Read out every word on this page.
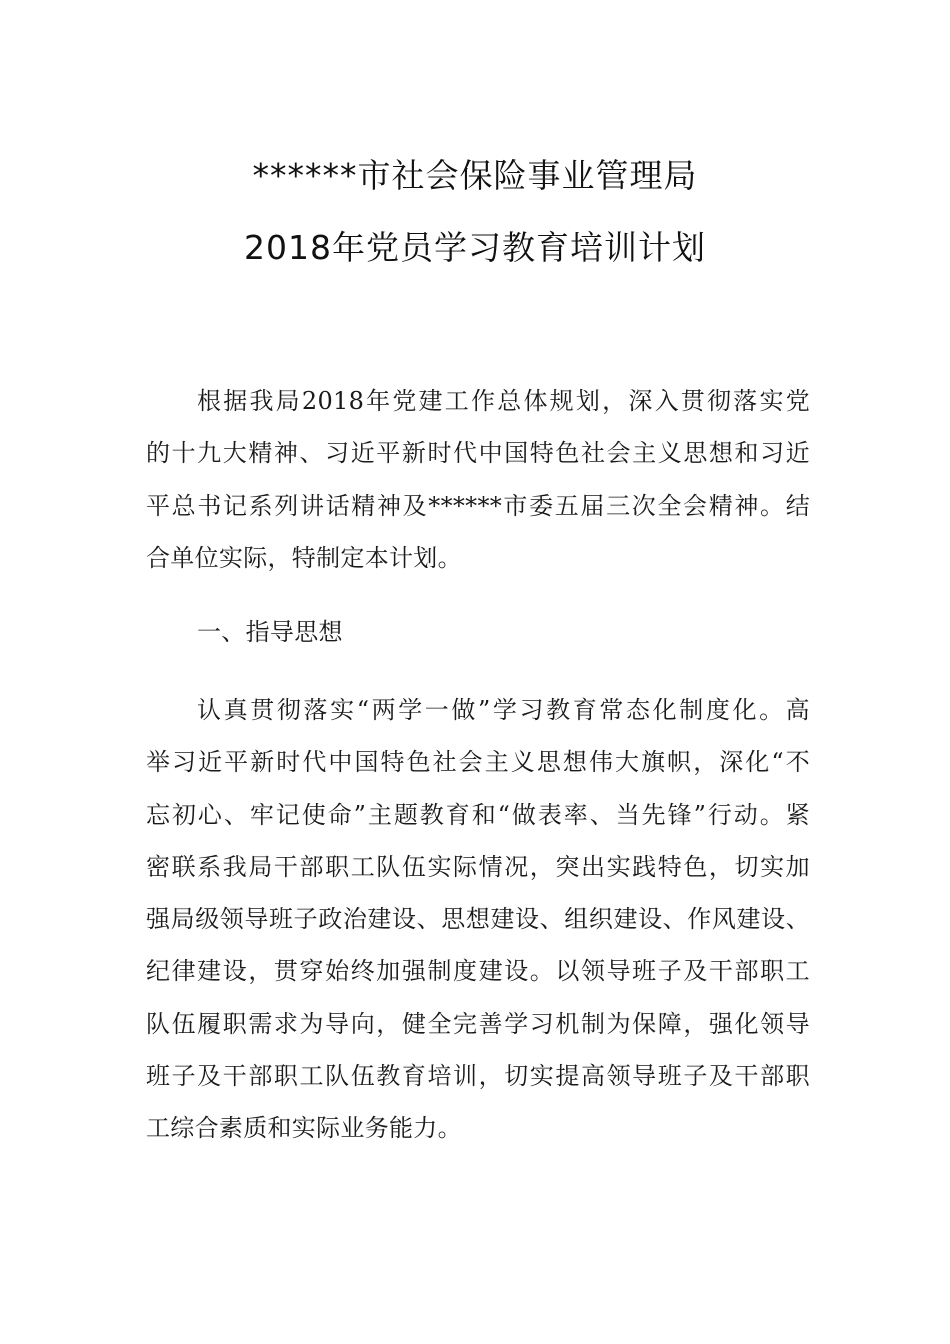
******市社会保险事业管理局
2018年党员学习教育培训计划
根据我局2018年党建工作总体规划，深入贯彻落实党
的十九大精神、习近平新时代中国特色社会主义思想和习近
平总书记系列讲话精神及******市委五届三次全会精神。结
合单位实际，特制定本计划。
一、指导思想
认真贯彻落实“两学一做”学习教育常态化制度化。高
举习近平新时代中国特色社会主义思想伟大旗帜，深化“不
忘初心、牢记使命”主题教育和“做表率、当先锋”行动。紧
密联系我局干部职工队伍实际情况，突出实践特色，切实加
强局级领导班子政治建设、思想建设、组织建设、作风建设、
纪律建设，贯穿始终加强制度建设。以领导班子及干部职工
队伍履职需求为导向，健全完善学习机制为保障，强化领导
班子及干部职工队伍教育培训，切实提高领导班子及干部职
工综合素质和实际业务能力。
